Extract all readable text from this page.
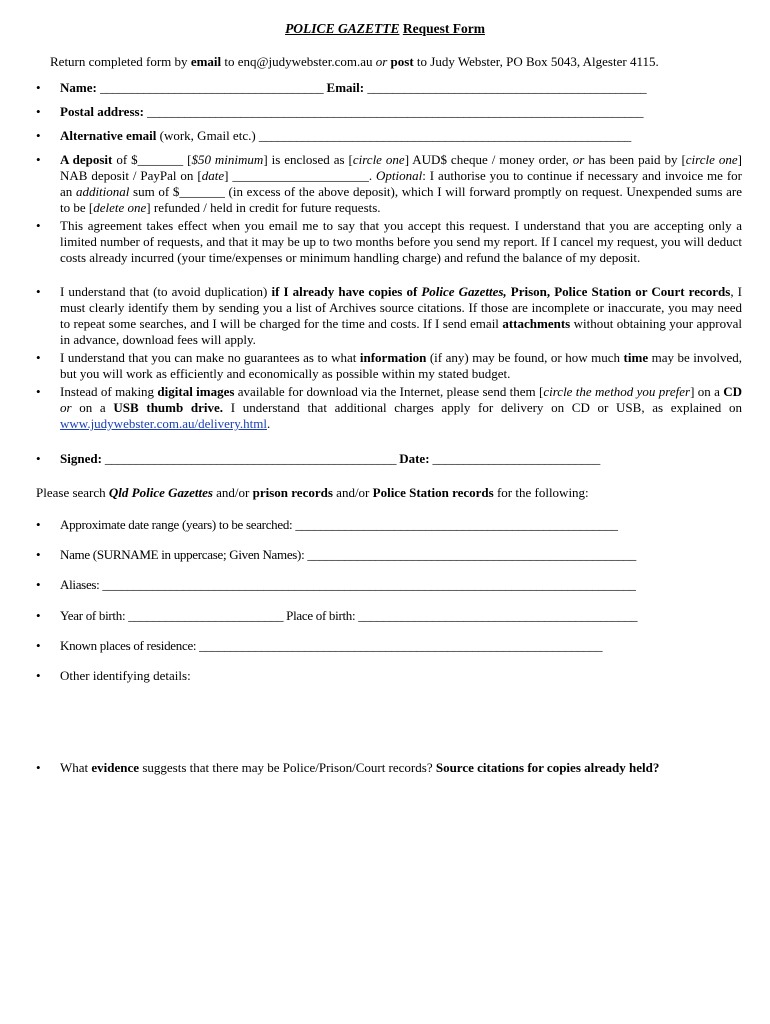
POLICE GAZETTE Request Form
Return completed form by email to enq@judywebster.com.au or post to Judy Webster, PO Box 5043, Algester 4115.
• Name: ____________________________________ Email: _____________________________________________
• Postal address: ________________________________________________________________________________
• Alternative email (work, Gmail etc.) ____________________________________________________________
• A deposit of $_______ [$50 minimum] is enclosed as [circle one] AUD$ cheque / money order, or has been paid by [circle one] NAB deposit / PayPal on [date] _____________________. Optional: I authorise you to continue if necessary and invoice me for an additional sum of $_______ (in excess of the above deposit), which I will forward promptly on request. Unexpended sums are to be [delete one] refunded / held in credit for future requests.
• This agreement takes effect when you email me to say that you accept this request. I understand that you are accepting only a limited number of requests, and that it may be up to two months before you send my report. If I cancel my request, you will deduct costs already incurred (your time/expenses or minimum handling charge) and refund the balance of my deposit.
• I understand that (to avoid duplication) if I already have copies of Police Gazettes, Prison, Police Station or Court records, I must clearly identify them by sending you a list of Archives source citations. If those are incomplete or inaccurate, you may need to repeat some searches, and I will be charged for the time and costs. If I send email attachments without obtaining your approval in advance, download fees will apply.
• I understand that you can make no guarantees as to what information (if any) may be found, or how much time may be involved, but you will work as efficiently and economically as possible within my stated budget.
• Instead of making digital images available for download via the Internet, please send them [circle the method you prefer] on a CD or on a USB thumb drive. I understand that additional charges apply for delivery on CD or USB, as explained on www.judywebster.com.au/delivery.html.
• Signed: _______________________________________________ Date: ___________________________
Please search Qld Police Gazettes and/or prison records and/or Police Station records for the following:
• Approximate date range (years) to be searched: ____________________________________________________
• Name (SURNAME in uppercase; Given Names): _____________________________________________________
• Aliases: ______________________________________________________________________________________
• Year of birth: _________________________ Place of birth: _____________________________________________
• Known places of residence: _________________________________________________________________
• Other identifying details:
• What evidence suggests that there may be Police/Prison/Court records? Source citations for copies already held?
